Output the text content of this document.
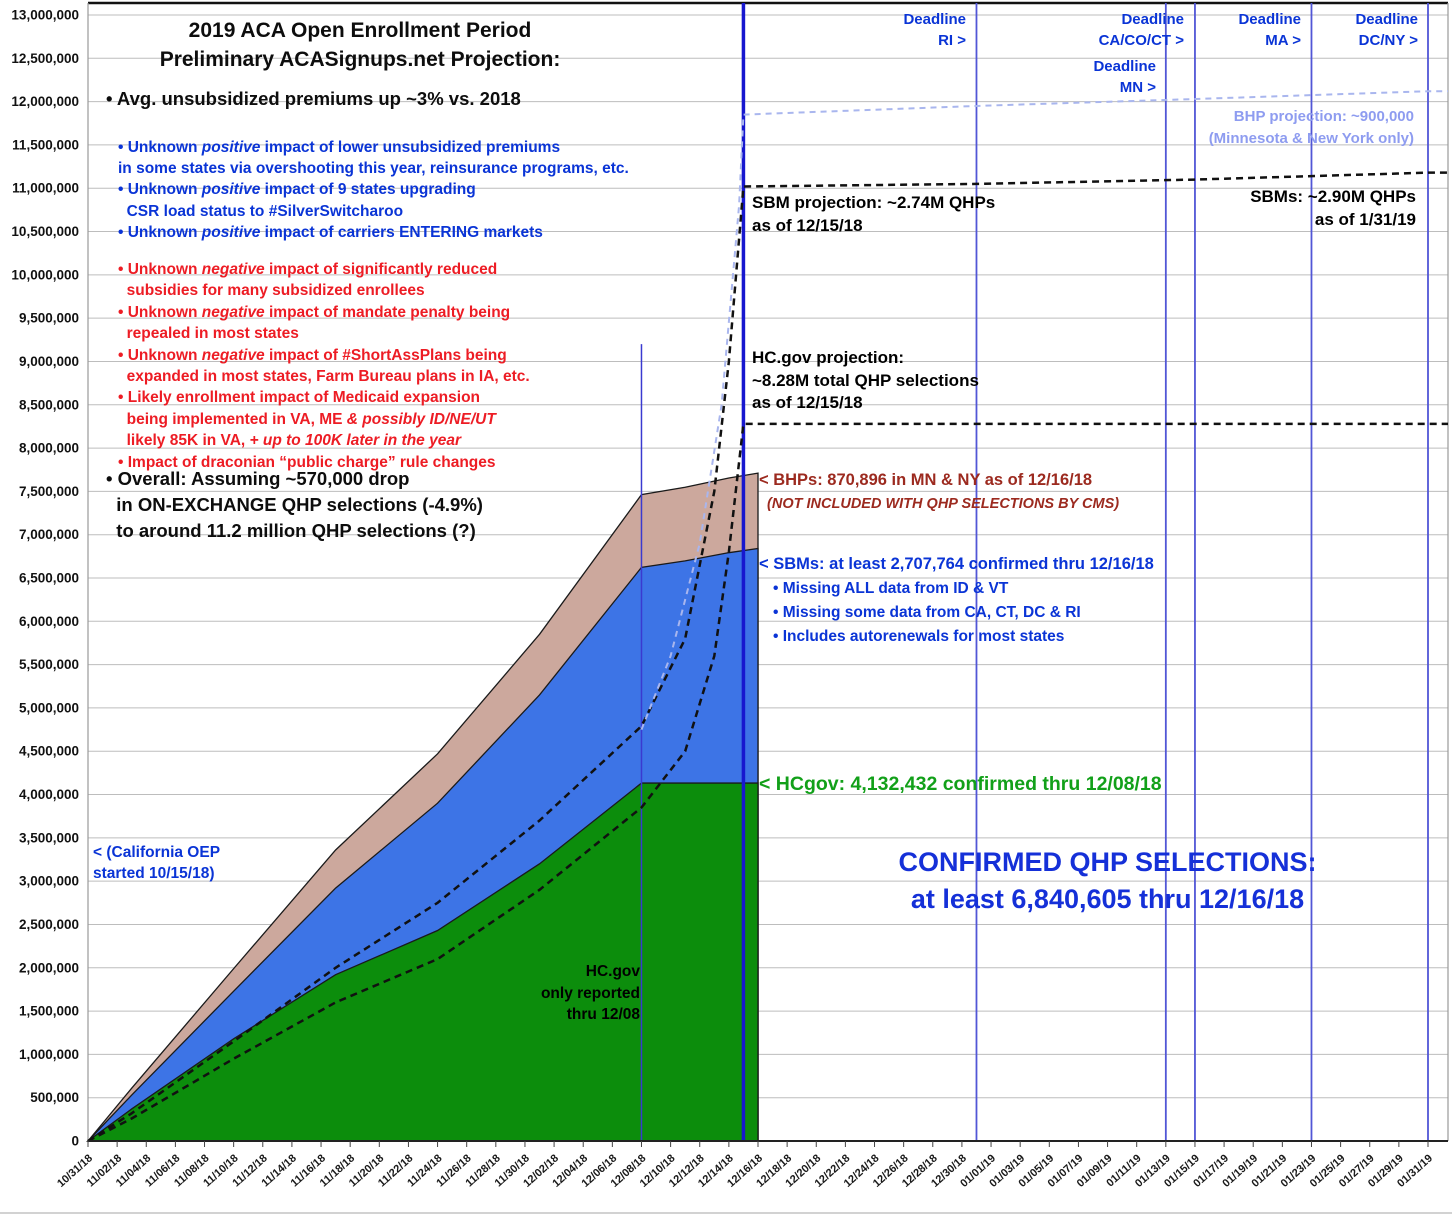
10/31/18
11/02/18
11/04/18
11/06/18
11/08/18
11/10/18
11/12/18
11/14/18
11/16/18
11/18/18
11/20/18
11/22/18
11/24/18
11/26/18
11/28/18
11/30/18
12/02/18
12/04/18
12/06/18
12/08/18
12/10/18
12/12/18
12/14/18
12/16/18
12/18/18
12/20/18
12/22/18
12/24/18
12/26/18
12/28/18
12/30/18
01/01/19
01/03/19
01/05/19
01/07/19
01/09/19
01/11/19
01/13/19
01/15/19
01/17/19
01/19/19
01/21/19
01/23/19
01/25/19
01/27/19
01/29/19
01/31/19
0
500,000
1,000,000
1,500,000
2,000,000
2,500,000
3,000,000
3,500,000
4,000,000
4,500,000
5,000,000
5,500,000
6,000,000
6,500,000
7,000,000
7,500,000
8,000,000
8,500,000
9,000,000
9,500,000
10,000,000
10,500,000
11,000,000
11,500,000
12,000,000
12,500,000
13,000,000
2019 ACA Open Enrollment Period
Preliminary ACASignups.net Projection:
• Avg. unsubsidized premiums up ~3% vs. 2018
• Unknown positive impact of lower unsubsidized premiums
in some states via overshooting this year, reinsurance programs, etc.
• Unknown positive impact of 9 states upgrading
CSR load status to #SilverSwitcharoo
• Unknown positive impact of carriers ENTERING markets
• Unknown negative impact of significantly reduced
subsidies for many subsidized enrollees
• Unknown negative impact of mandate penalty being
repealed in most states
• Unknown negative impact of #ShortAssPlans being
expanded in most states, Farm Bureau plans in IA, etc.
• Likely enrollment impact of Medicaid expansion
being implemented in VA, ME & possibly ID/NE/UT
likely 85K in VA, + up to 100K later in the year
• Impact of draconian “public charge” rule changes
• Overall: Assuming ~570,000 drop
in ON-EXCHANGE QHP selections (-4.9%)
to around 11.2 million QHP selections (?)
< (California OEP
started 10/15/18)
Deadline
RI >
Deadline
CA/CO/CT >
Deadline
MN >
Deadline
MA >
Deadline
DC/NY >
BHP projection: ~900,000
(Minnesota & New York only)
SBM projection: ~2.74M QHPs
as of 12/15/18
SBMs: ~2.90M QHPs
as of 1/31/19
HC.gov projection:
~8.28M total QHP selections
as of 12/15/18
< BHPs: 870,896 in MN & NY as of 12/16/18
(NOT INCLUDED WITH QHP SELECTIONS BY CMS)
< SBMs: at least 2,707,764 confirmed thru 12/16/18
• Missing ALL data from ID & VT
• Missing some data from CA, CT, DC & RI
• Includes autorenewals for most states
< HCgov: 4,132,432 confirmed thru 12/08/18
CONFIRMED QHP SELECTIONS:
at least 6,840,605 thru 12/16/18
HC.gov
only reported
thru 12/08
